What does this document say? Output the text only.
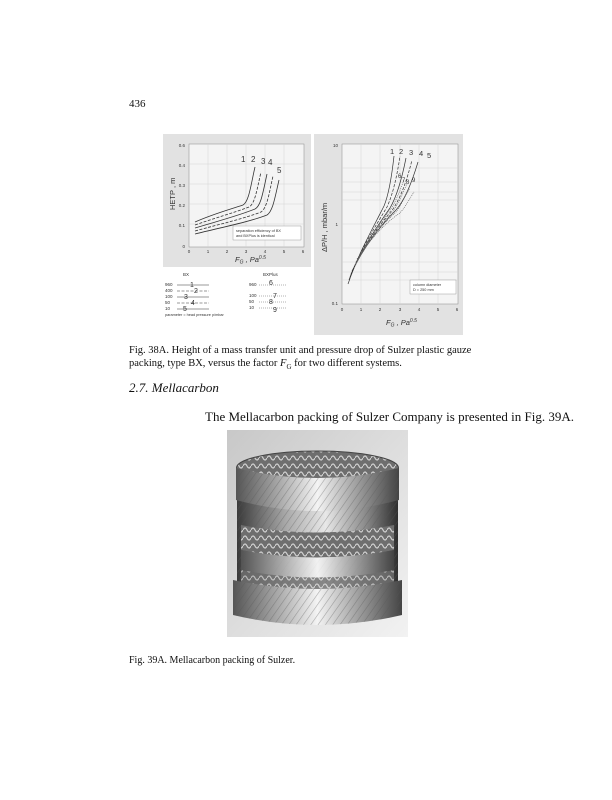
436
0.6
0.4
0.3
0.2
0.1
0
0	1	2	3	4	5	6
HETP , m
$F_G$ , $Pa^{0.5}$
1 2 3 4
5
separation efficiency of BX
and BXPlus is identical
BX	BXPlus
960
400
100
50
10
1
2
3
4
5
960
100
50
10
6
7
8
9
parameter = head pressure p/mbar
10
1
0.1
0	1	2	3	4	5	6
ΔP/H , mbar/m
$F_G$ , $Pa^{0.5}$
1 2 3 4 5
6
7 8 9
column diameter
D = 250 mm
Fig. 38A. Height of a mass transfer unit and pressure drop of Sulzer plastic gauze packing, type BX, versus the factor $F_G$ for two different systems.
2.7. Mellacarbon
The Mellacarbon packing of Sulzer Company is presented in Fig. 39A.
Fig. 39A. Mellacarbon packing of Sulzer.
